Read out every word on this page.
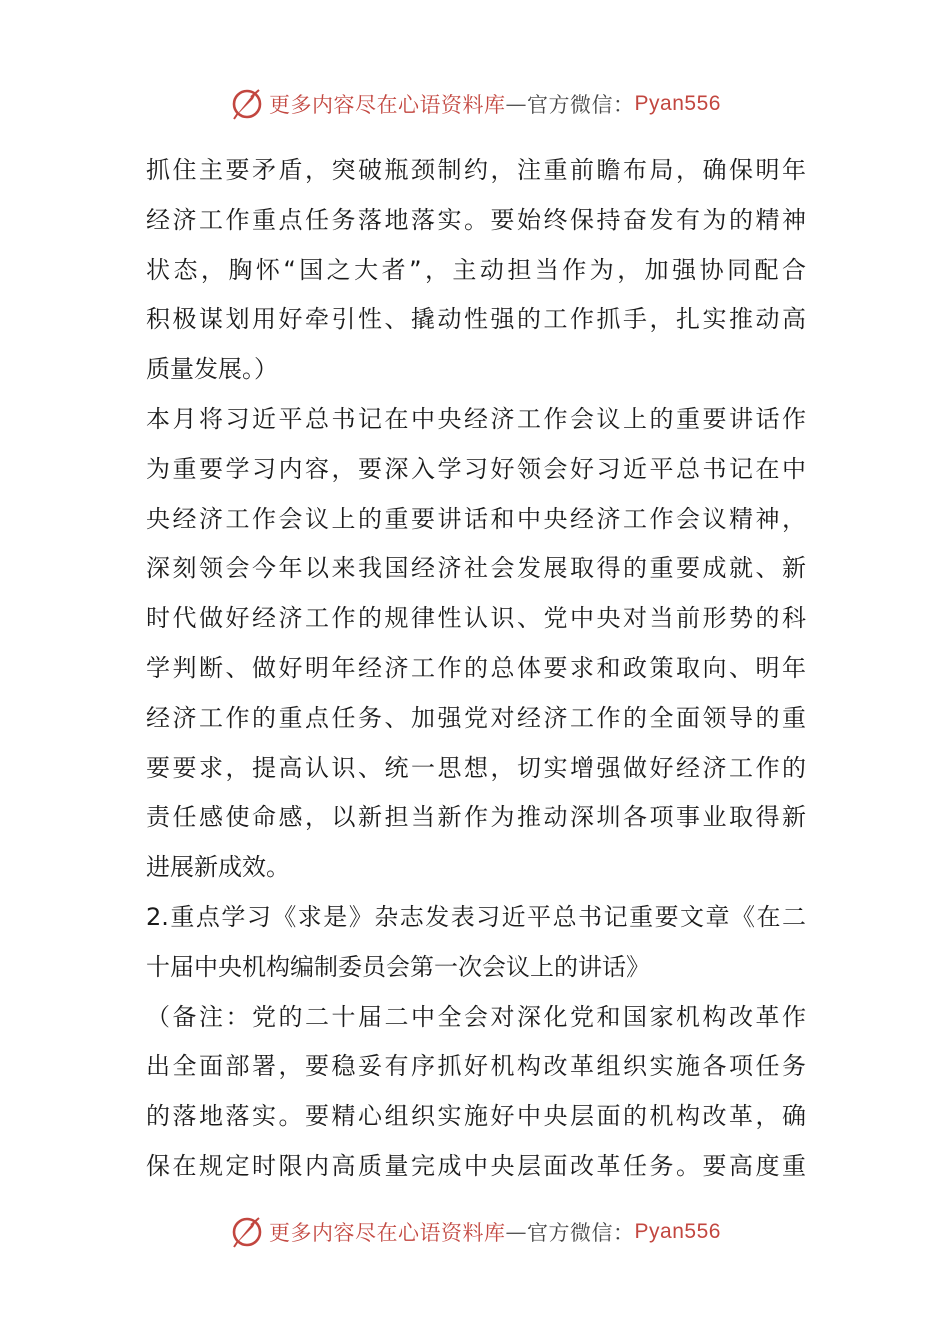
更多内容尽在心语资料库 — 官方微信： Pyan556
抓住主要矛盾，突破瓶颈制约，注重前瞻布局，确保明年
经济工作重点任务落地落实。要始终保持奋发有为的精神
状态，胸怀“国之大者”，主动担当作为，加强协同配合
积极谋划用好牵引性、撬动性强的工作抓手，扎实推动高
质量发展。）
本月将习近平总书记在中央经济工作会议上的重要讲话作
为重要学习内容，要深入学习好领会好习近平总书记在中
央经济工作会议上的重要讲话和中央经济工作会议精神，
深刻领会今年以来我国经济社会发展取得的重要成就、新
时代做好经济工作的规律性认识、党中央对当前形势的科
学判断、做好明年经济工作的总体要求和政策取向、明年
经济工作的重点任务、加强党对经济工作的全面领导的重
要要求，提高认识、统一思想，切实增强做好经济工作的
责任感使命感，以新担当新作为推动深圳各项事业取得新
进展新成效。
2.重点学习《求是》杂志发表习近平总书记重要文章《在二
十届中央机构编制委员会第一次会议上的讲话》
（备注：党的二十届二中全会对深化党和国家机构改革作
出全面部署，要稳妥有序抓好机构改革组织实施各项任务
的落地落实。要精心组织实施好中央层面的机构改革，确
保在规定时限内高质量完成中央层面改革任务。要高度重
更多内容尽在心语资料库 — 官方微信： Pyan556
